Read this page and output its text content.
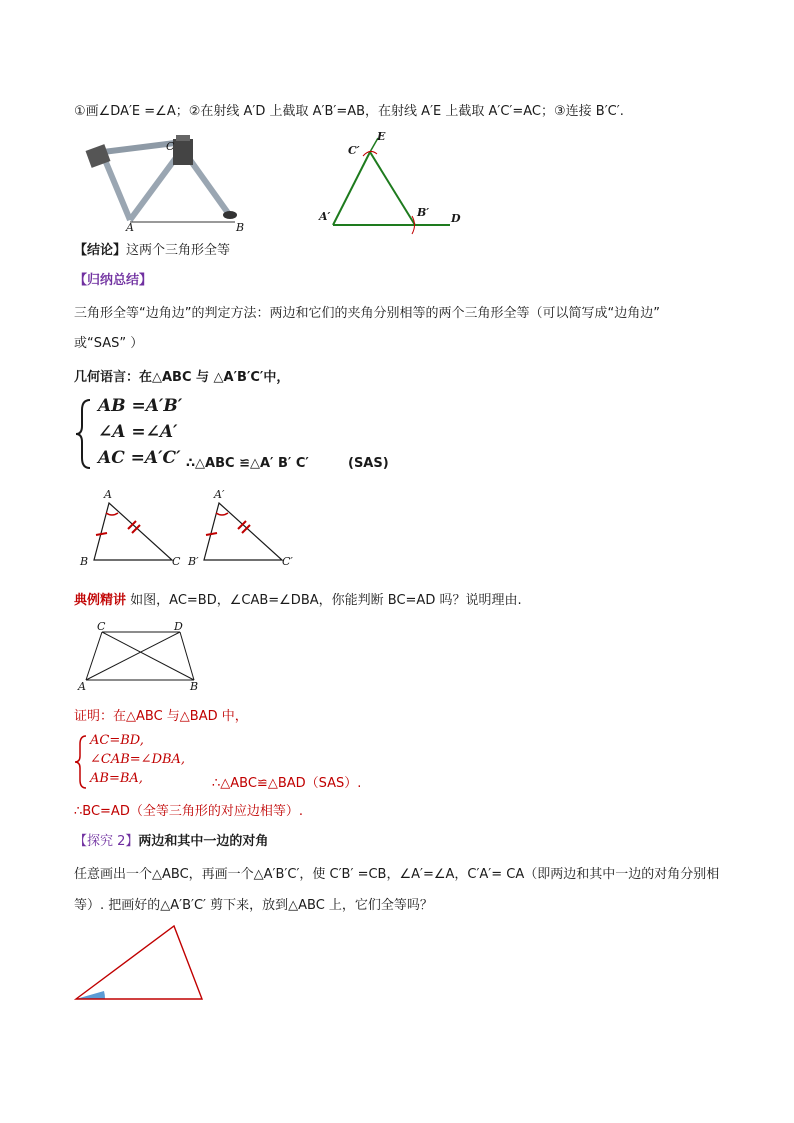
①画∠DA′E =∠A；②在射线 A′D 上截取 A′B′=AB，在射线 A′E 上截取 A′C′=AC；③连接 B′C′.
C
A	B
E
C′
A′	B′ D
【结论】这两个三角形全等
【归纳总结】
三角形全等“边角边”的判定方法：两边和它们的夹角分别相等的两个三角形全等（可以简写成“边角边”
或“SAS” ）
几何语言：在△ABC 与 △A′B′C′中，
AB =A′B′
∠A =∠A′
AC =A′C′ ∴△ABC ≌△A′ B′ C′	(SAS)
A
B	C
A′
B′	C′
典例精讲 如图，AC=BD，∠CAB=∠DBA，你能判断 BC=AD 吗？说明理由.
C	D
A	B
证明：在△ABC 与△BAD 中，
AC=BD,
∠CAB=∠DBA,
AB=BA,	∴△ABC≌△BAD（SAS）.
∴BC=AD（全等三角形的对应边相等）.
【探究 2】两边和其中一边的对角
任意画出一个△ABC，再画一个△A′B′C′，使 C′B′ =CB，∠A′=∠A，C′A′= CA（即两边和其中一边的对角分别相
等）. 把画好的△A′B′C′ 剪下来，放到△ABC 上，它们全等吗？
